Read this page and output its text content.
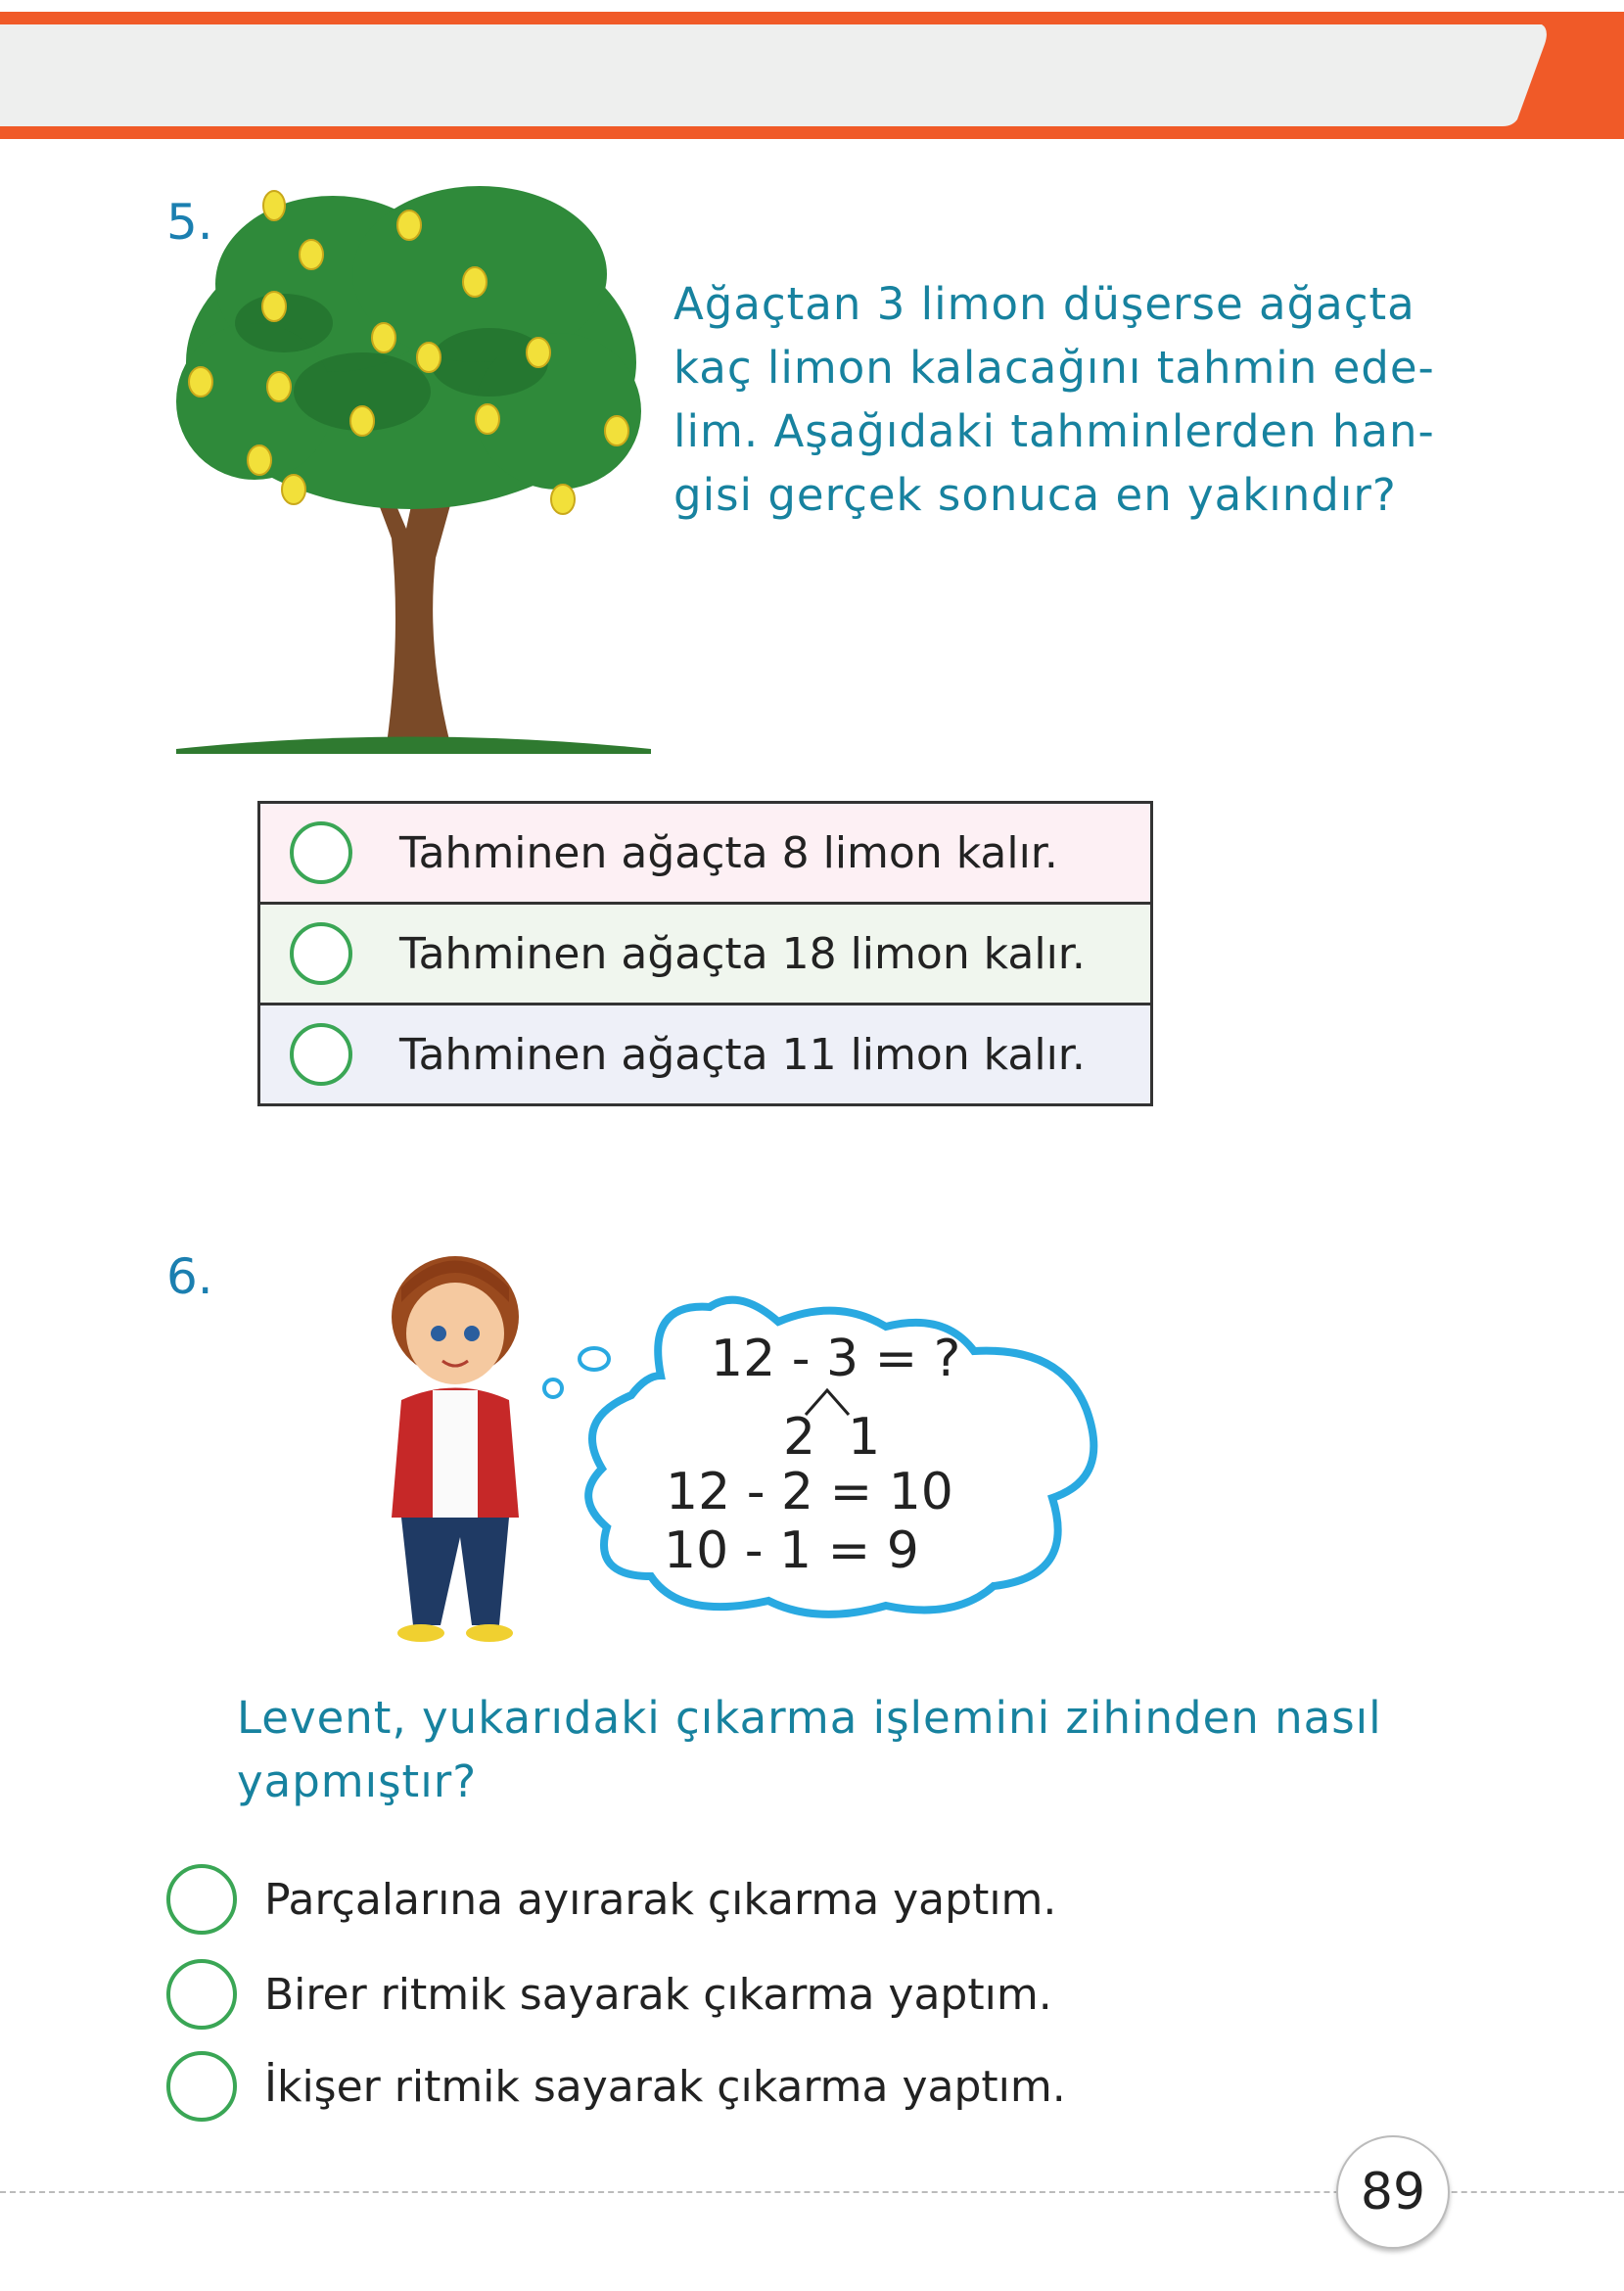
5.
Ağaçtan 3 limon düşerse ağaçta
kaç limon kalacağını tahmin ede-
lim. Aşağıdaki tahminlerden han-
gisi gerçek sonuca en yakındır?
Tahminen ağaçta 8 limon kalır.
Tahminen ağaçta 18 limon kalır.
Tahminen ağaçta 11 limon kalır.
6.
12 - 3 = ?
2  1
12 - 2 = 10
10 - 1 = 9
Levent, yukarıdaki çıkarma işlemini zihinden nasıl
yapmıştır?
Parçalarına ayırarak çıkarma yaptım.
Birer ritmik sayarak çıkarma yaptım.
İkişer ritmik sayarak çıkarma yaptım.
89
